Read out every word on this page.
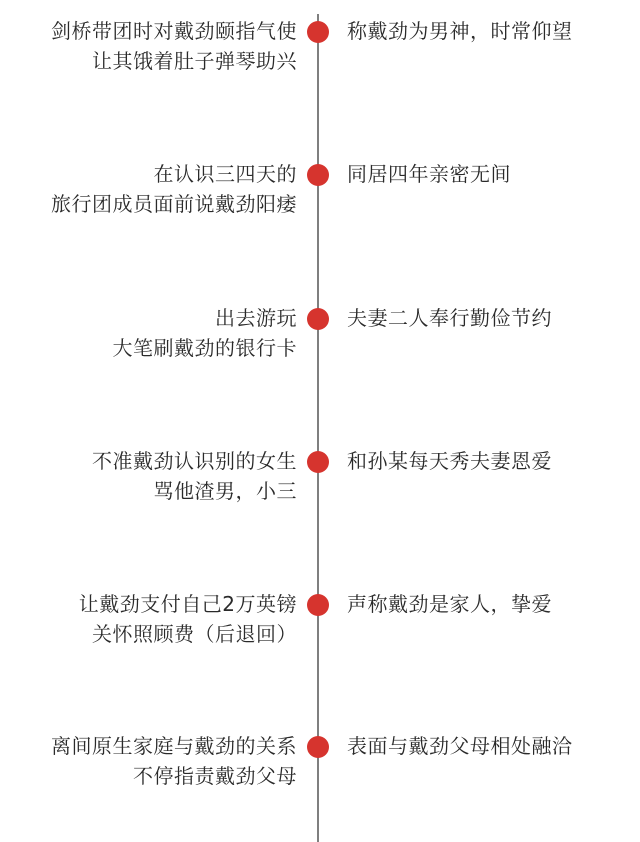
剑桥带团时对戴劲颐指气使
让其饿着肚子弹琴助兴
称戴劲为男神，时常仰望
在认识三四天的
旅行团成员面前说戴劲阳痿
同居四年亲密无间
出去游玩
大笔刷戴劲的银行卡
夫妻二人奉行勤俭节约
不准戴劲认识别的女生
骂他渣男，小三
和孙某每天秀夫妻恩爱
让戴劲支付自己2万英镑
关怀照顾费（后退回）
声称戴劲是家人，挚爱
离间原生家庭与戴劲的关系
不停指责戴劲父母
表面与戴劲父母相处融洽
